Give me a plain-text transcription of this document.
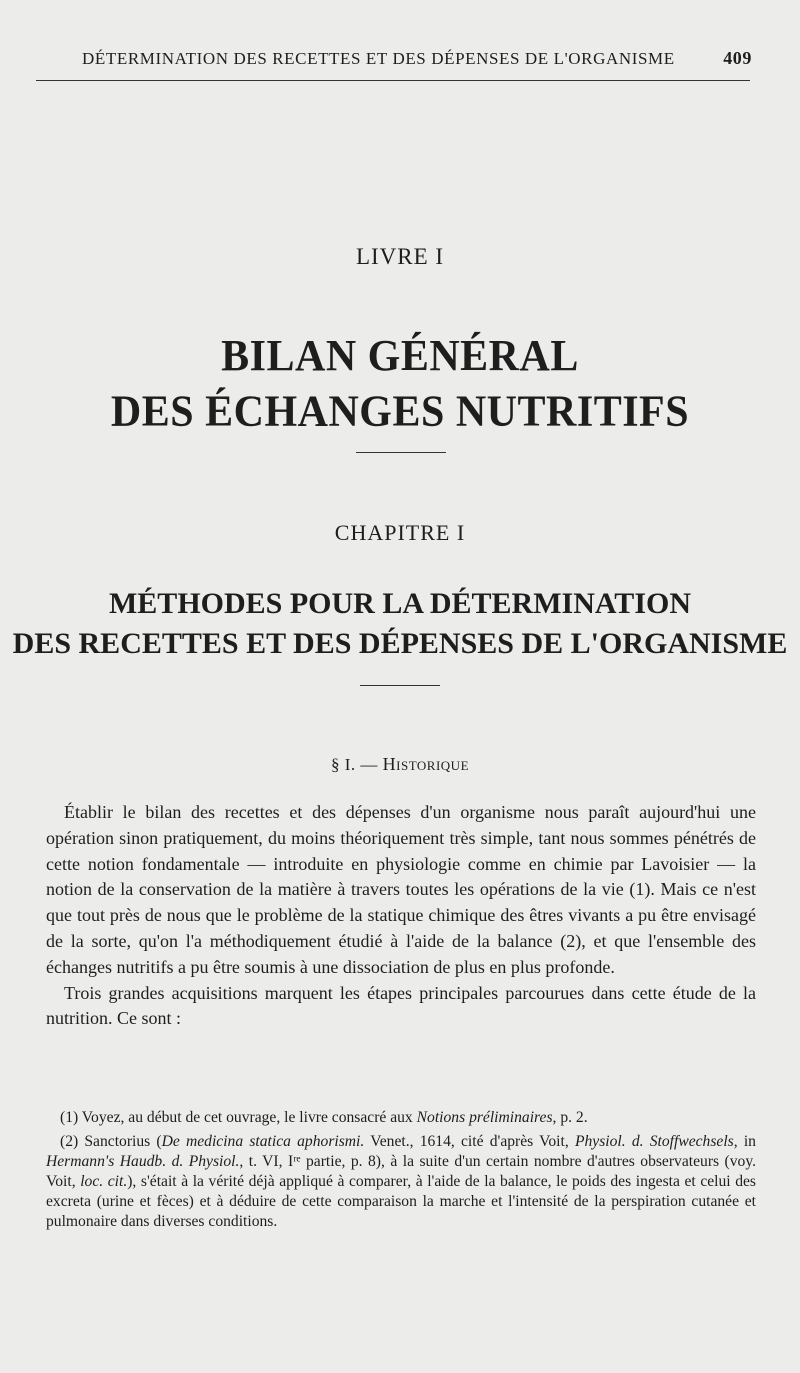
DÉTERMINATION DES RECETTES ET DES DÉPENSES DE L'ORGANISME	409
LIVRE I
BILAN GÉNÉRAL
DES ÉCHANGES NUTRITIFS
CHAPITRE I
MÉTHODES POUR LA DÉTERMINATION
DES RECETTES ET DES DÉPENSES DE L'ORGANISME
§ I. — Historique

Établir le bilan des recettes et des dépenses d'un organisme nous paraît aujourd'hui une opération sinon pratiquement, du moins théoriquement très simple, tant nous sommes pénétrés de cette notion fondamentale — introduite en physiologie comme en chimie par Lavoisier — la notion de la conservation de la matière à travers toutes les opérations de la vie (1). Mais ce n'est que tout près de nous que le problème de la statique chimique des êtres vivants a pu être envisagé de la sorte, qu'on l'a méthodiquement étudié à l'aide de la balance (2), et que l'ensemble des échanges nutritifs a pu être soumis à une dissociation de plus en plus profonde.

Trois grandes acquisitions marquent les étapes principales parcourues dans cette étude de la nutrition. Ce sont :

(1) Voyez, au début de cet ouvrage, le livre consacré aux Notions préliminaires, p. 2.

(2) Sanctorius (De medicina statica aphorismi. Venet., 1614, cité d'après Voit, Physiol. d. Stoffwechsels, in Hermann's Haudb. d. Physiol., t. VI, Iʳᵉ partie, p. 8), à la suite d'un certain nombre d'autres observateurs (voy. Voit, loc. cit.), s'était à la vérité déjà appliqué à comparer, à l'aide de la balance, le poids des ingesta et celui des excreta (urine et fèces) et à déduire de cette comparaison la marche et l'intensité de la perspiration cutanée et pulmonaire dans diverses conditions.
